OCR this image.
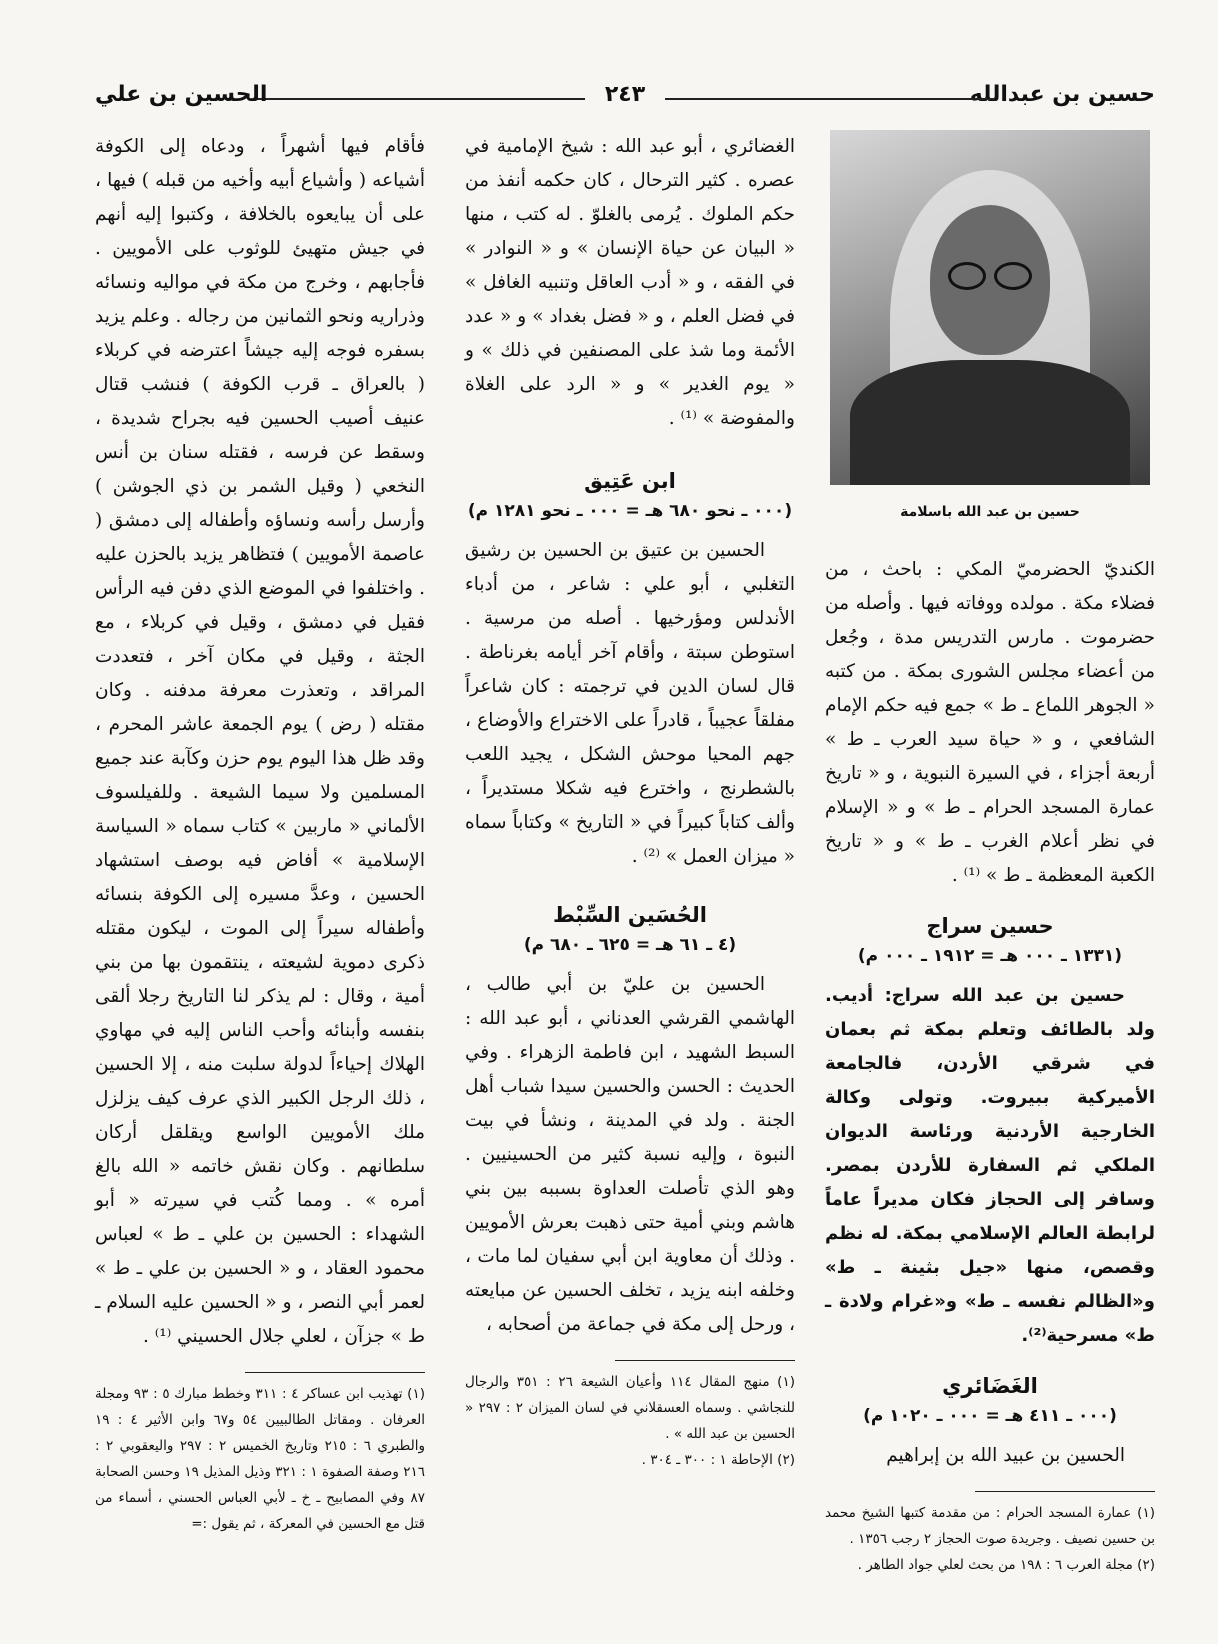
حسين بن عبدالله
٢٤٣
الحسين بن علي
حسين بن عبد الله باسلامة

الكنديّ الحضرميّ المكي : باحث ، من فضلاء مكة . مولده ووفاته فيها . وأصله من حضرموت . مارس التدريس مدة ، وجُعل من أعضاء مجلس الشورى بمكة . من كتبه « الجوهر اللماع ـ ط » جمع فيه حكم الإمام الشافعي ، و « حياة سيد العرب ـ ط » أربعة أجزاء ، في السيرة النبوية ، و « تاريخ عمارة المسجد الحرام ـ ط » و « الإسلام في نظر أعلام الغرب ـ ط » و « تاريخ الكعبة المعظمة ـ ط » ⁽¹⁾ .

حسين سراج
(١٣٣١ ـ ٠٠٠ هـ = ١٩١٢ ـ ٠٠٠ م)

حسين بن عبد الله سراج: أديب. ولد بالطائف وتعلم بمكة ثم بعمان في شرقي الأردن، فالجامعة الأميركية ببيروت. وتولى وكالة الخارجية الأردنية ورئاسة الديوان الملكي ثم السفارة للأردن بمصر. وسافر إلى الحجاز فكان مديراً عاماً لرابطة العالم الإسلامي بمكة. له نظم وقصص، منها «جيل بثينة ـ ط» و«الظالم نفسه ـ ط» و«غرام ولادة ـ ط» مسرحية⁽²⁾.

الغَضَائري
(٠٠٠ ـ ٤١١ هـ = ٠٠٠ ـ ١٠٢٠ م)

الحسين بن عبيد الله بن إبراهيم

(١) عمارة المسجد الحرام : من مقدمة كتبها الشيخ محمد بن حسين نصيف . وجريدة صوت الحجاز ٢ رجب ١٣٥٦ .

(٢) مجلة العرب ٦ : ١٩٨ من بحث لعلي جواد الطاهر .

الغضائري ، أبو عبد الله : شيخ الإمامية في عصره . كثير الترحال ، كان حكمه أنفذ من حكم الملوك . يُرمى بالغلوّ . له كتب ، منها « البيان عن حياة الإنسان » و « النوادر » في الفقه ، و « أدب العاقل وتنبيه الغافل » في فضل العلم ، و « فضل بغداد » و « عدد الأئمة وما شذ على المصنفين في ذلك » و « يوم الغدير » و « الرد على الغلاة والمفوضة » ⁽¹⁾ .

ابن عَتِيق
(٠٠٠ ـ نحو ٦٨٠ هـ = ٠٠٠ ـ نحو ١٢٨١ م)

الحسين بن عتيق بن الحسين بن رشيق التغلبي ، أبو علي : شاعر ، من أدباء الأندلس ومؤرخيها . أصله من مرسية . استوطن سبتة ، وأقام آخر أيامه بغرناطة . قال لسان الدين في ترجمته : كان شاعراً مفلقاً عجيباً ، قادراً على الاختراع والأوضاع ، جهم المحيا موحش الشكل ، يجيد اللعب بالشطرنج ، واخترع فيه شكلا مستديراً ، وألف كتاباً كبيراً في « التاريخ » وكتاباً سماه « ميزان العمل » ⁽²⁾ .

الحُسَين السِّبْط
(٤ ـ ٦١ هـ = ٦٢٥ ـ ٦٨٠ م)

الحسين بن عليّ بن أبي طالب ، الهاشمي القرشي العدناني ، أبو عبد الله : السبط الشهيد ، ابن فاطمة الزهراء . وفي الحديث : الحسن والحسين سيدا شباب أهل الجنة . ولد في المدينة ، ونشأ في بيت النبوة ، وإليه نسبة كثير من الحسينيين . وهو الذي تأصلت العداوة بسببه بين بني هاشم وبني أمية حتى ذهبت بعرش الأمويين . وذلك أن معاوية ابن أبي سفيان لما مات ، وخلفه ابنه يزيد ، تخلف الحسين عن مبايعته ، ورحل إلى مكة في جماعة من أصحابه ،

(١) منهج المقال ١١٤ وأعيان الشيعة ٢٦ : ٣٥١ والرجال للنجاشي . وسماه العسقلاني في لسان الميزان ٢ : ٢٩٧ « الحسين بن عبد الله » .

(٢) الإحاطة ١ : ٣٠٠ ـ ٣٠٤ .

فأقام فيها أشهراً ، ودعاه إلى الكوفة أشياعه ( وأشياع أبيه وأخيه من قبله ) فيها ، على أن يبايعوه بالخلافة ، وكتبوا إليه أنهم في جيش متهيئ للوثوب على الأمويين . فأجابهم ، وخرج من مكة في مواليه ونسائه وذراريه ونحو الثمانين من رجاله . وعلم يزيد بسفره فوجه إليه جيشاً اعترضه في كربلاء ( بالعراق ـ قرب الكوفة ) فنشب قتال عنيف أصيب الحسين فيه بجراح شديدة ، وسقط عن فرسه ، فقتله سنان بن أنس النخعي ( وقيل الشمر بن ذي الجوشن ) وأرسل رأسه ونساؤه وأطفاله إلى دمشق ( عاصمة الأمويين ) فتظاهر يزيد بالحزن عليه . واختلفوا في الموضع الذي دفن فيه الرأس فقيل في دمشق ، وقيل في كربلاء ، مع الجثة ، وقيل في مكان آخر ، فتعددت المراقد ، وتعذرت معرفة مدفنه . وكان مقتله ( رض ) يوم الجمعة عاشر المحرم ، وقد ظل هذا اليوم يوم حزن وكآبة عند جميع المسلمين ولا سيما الشيعة . وللفيلسوف الألماني « ماربين » كتاب سماه « السياسة الإسلامية » أفاض فيه بوصف استشهاد الحسين ، وعدَّ مسيره إلى الكوفة بنسائه وأطفاله سيراً إلى الموت ، ليكون مقتله ذكرى دموية لشيعته ، ينتقمون بها من بني أمية ، وقال : لم يذكر لنا التاريخ رجلا ألقى بنفسه وأبنائه وأحب الناس إليه في مهاوي الهلاك إحياءاً لدولة سلبت منه ، إلا الحسين ، ذلك الرجل الكبير الذي عرف كيف يزلزل ملك الأمويين الواسع ويقلقل أركان سلطانهم . وكان نقش خاتمه « الله بالغ أمره » . ومما كُتب في سيرته « أبو الشهداء : الحسين بن علي ـ ط » لعباس محمود العقاد ، و « الحسين بن علي ـ ط » لعمر أبي النصر ، و « الحسين عليه السلام ـ ط » جزآن ، لعلي جلال الحسيني ⁽¹⁾ .

(١) تهذيب ابن عساكر ٤ : ٣١١ وخطط مبارك ٥ : ٩٣ ومجلة العرفان . ومقاتل الطالبيين ٥٤ و٦٧ وابن الأثير ٤ : ١٩ والطبري ٦ : ٢١٥ وتاريخ الخميس ٢ : ٢٩٧ واليعقوبي ٢ : ٢١٦ وصفة الصفوة ١ : ٣٢١ وذيل المذيل ١٩ وحسن الصحابة ٨٧ وفي المصابيح ـ خ ـ لأبي العباس الحسني ، أسماء من قتل مع الحسين في المعركة ، ثم يقول :=
